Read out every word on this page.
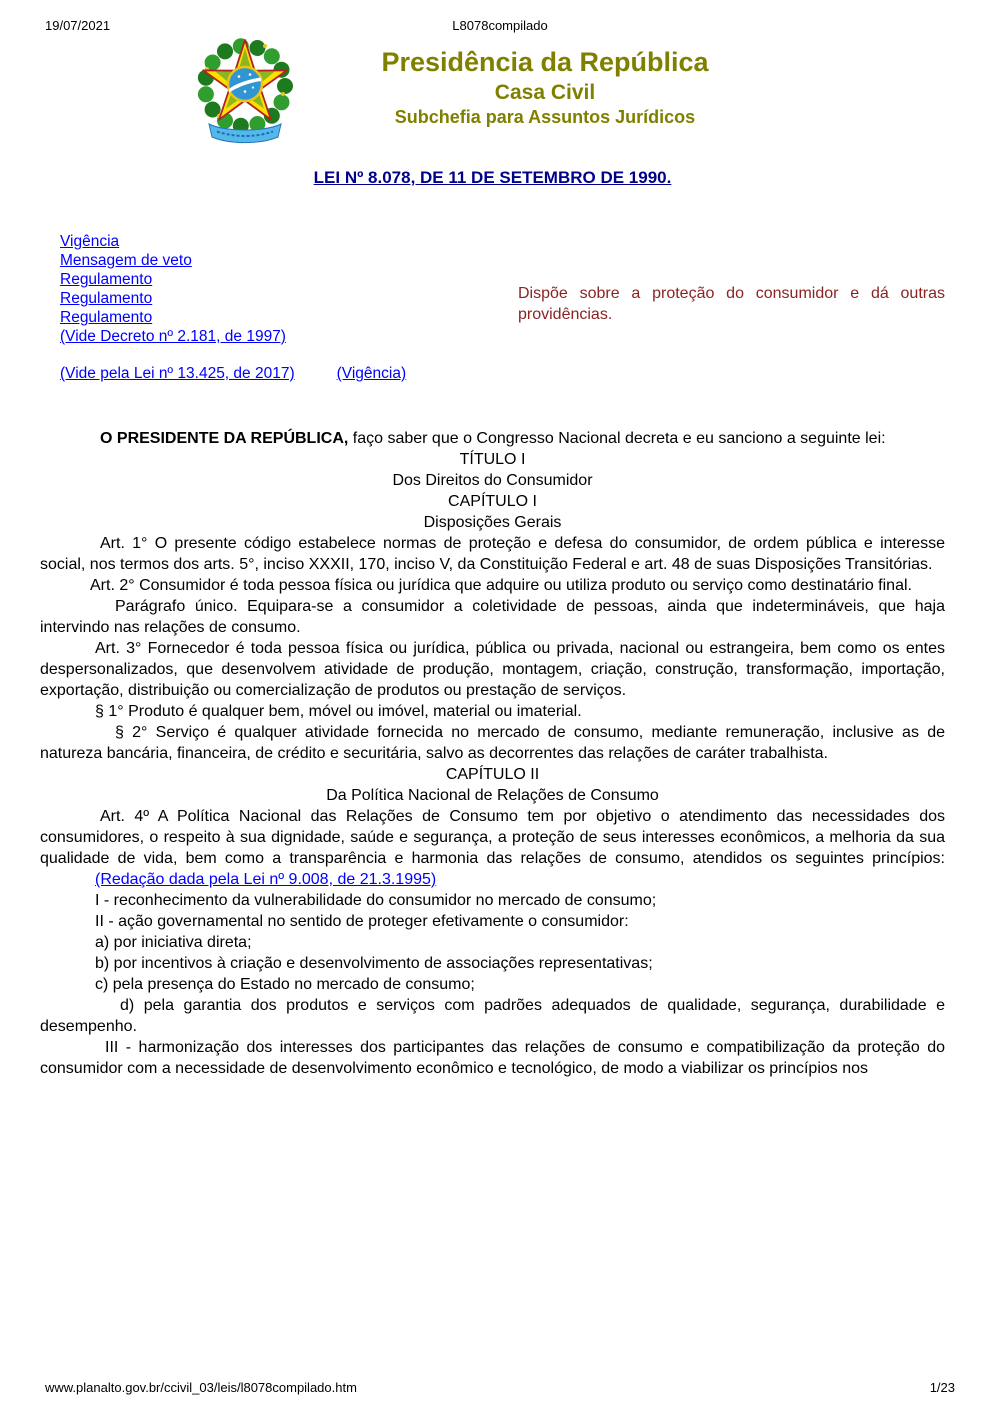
19/07/2021	L8078compilado
Presidência da República
Casa Civil
Subchefia para Assuntos Jurídicos
LEI Nº 8.078, DE 11 DE SETEMBRO DE 1990.
Vigência
Mensagem de veto
Regulamento
Regulamento
Regulamento
(Vide Decreto nº 2.181, de 1997)
Dispõe sobre a proteção do consumidor e dá outras providências.
(Vide pela Lei nº 13.425, de 2017)	(Vigência)

O PRESIDENTE DA REPÚBLICA, faço saber que o Congresso Nacional decreta e eu sanciono a seguinte lei:

TÍTULO I
Dos Direitos do Consumidor

CAPÍTULO I
Disposições Gerais

Art. 1° O presente código estabelece normas de proteção e defesa do consumidor, de ordem pública e interesse social, nos termos dos arts. 5°, inciso XXXII, 170, inciso V, da Constituição Federal e art. 48 de suas Disposições Transitórias.

Art. 2° Consumidor é toda pessoa física ou jurídica que adquire ou utiliza produto ou serviço como destinatário final.

Parágrafo único. Equipara-se a consumidor a coletividade de pessoas, ainda que indetermináveis, que haja intervindo nas relações de consumo.

Art. 3° Fornecedor é toda pessoa física ou jurídica, pública ou privada, nacional ou estrangeira, bem como os entes despersonalizados, que desenvolvem atividade de produção, montagem, criação, construção, transformação, importação, exportação, distribuição ou comercialização de produtos ou prestação de serviços.

§ 1° Produto é qualquer bem, móvel ou imóvel, material ou imaterial.

§ 2° Serviço é qualquer atividade fornecida no mercado de consumo, mediante remuneração, inclusive as de natureza bancária, financeira, de crédito e securitária, salvo as decorrentes das relações de caráter trabalhista.

CAPÍTULO II
Da Política Nacional de Relações de Consumo

Art. 4º A Política Nacional das Relações de Consumo tem por objetivo o atendimento das necessidades dos consumidores, o respeito à sua dignidade, saúde e segurança, a proteção de seus interesses econômicos, a melhoria da sua qualidade de vida, bem como a transparência e harmonia das relações de consumo, atendidos os seguintes princípios:(Redação dada pela Lei nº 9.008, de 21.3.1995)

I - reconhecimento da vulnerabilidade do consumidor no mercado de consumo;

II - ação governamental no sentido de proteger efetivamente o consumidor:

a) por iniciativa direta;

b) por incentivos à criação e desenvolvimento de associações representativas;

c) pela presença do Estado no mercado de consumo;

d) pela garantia dos produtos e serviços com padrões adequados de qualidade, segurança, durabilidade e desempenho.

III - harmonização dos interesses dos participantes das relações de consumo e compatibilização da proteção do consumidor com a necessidade de desenvolvimento econômico e tecnológico, de modo a viabilizar os princípios nos

www.planalto.gov.br/ccivil_03/leis/l8078compilado.htm	1/23
